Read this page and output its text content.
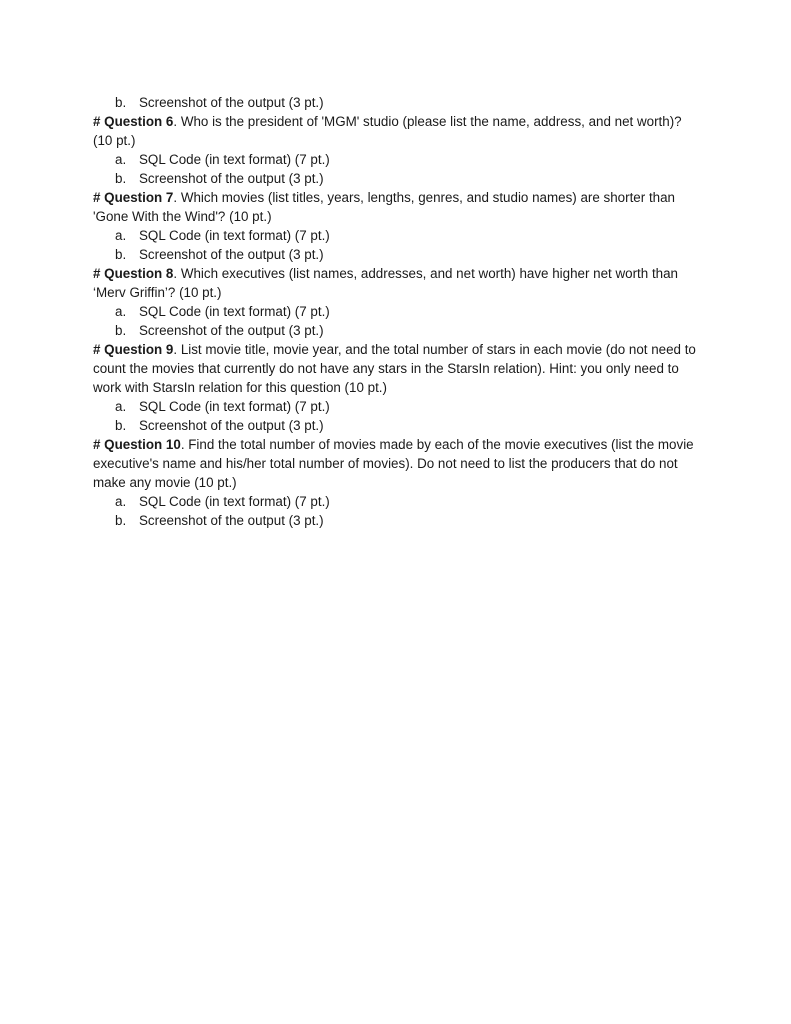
b. Screenshot of the output (3 pt.)

# Question 6. Who is the president of 'MGM' studio (please list the name, address, and net worth)? (10 pt.)

a. SQL Code (in text format) (7 pt.)

b. Screenshot of the output (3 pt.)

# Question 7. Which movies (list titles, years, lengths, genres, and studio names) are shorter than 'Gone With the Wind'? (10 pt.)

a. SQL Code (in text format) (7 pt.)

b. Screenshot of the output (3 pt.)

# Question 8. Which executives (list names, addresses, and net worth) have higher net worth than ‘Merv Griffin’? (10 pt.)

a. SQL Code (in text format) (7 pt.)

b. Screenshot of the output (3 pt.)

# Question 9. List movie title, movie year, and the total number of stars in each movie (do not need to count the movies that currently do not have any stars in the StarsIn relation). Hint: you only need to work with StarsIn relation for this question (10 pt.)

a. SQL Code (in text format) (7 pt.)

b. Screenshot of the output (3 pt.)

# Question 10. Find the total number of movies made by each of the movie executives (list the movie executive's name and his/her total number of movies). Do not need to list the producers that do not make any movie (10 pt.)

a. SQL Code (in text format) (7 pt.)

b. Screenshot of the output (3 pt.)
